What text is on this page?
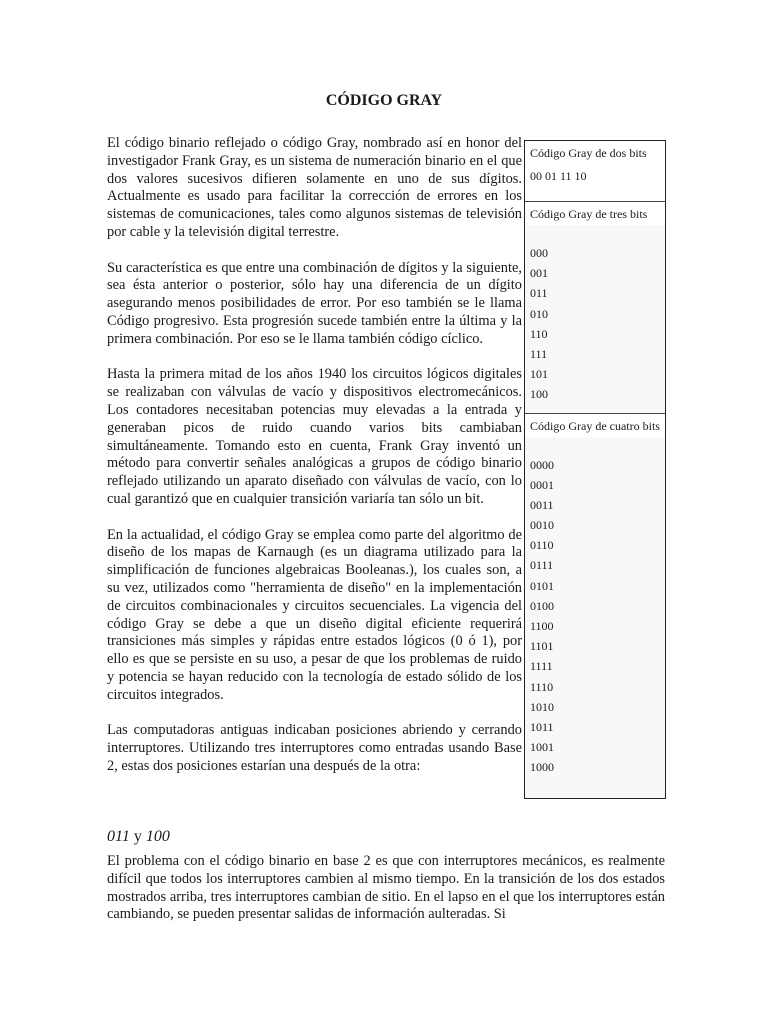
CÓDIGO GRAY

El código binario reflejado o código Gray, nombrado así en honor del investigador Frank Gray, es un sistema de numeración binario en el que dos valores sucesivos difieren solamente en uno de sus dígitos. Actualmente es usado para facilitar la corrección de errores en los sistemas de comunicaciones, tales como algunos sistemas de televisión por cable y la televisión digital terrestre.

Su característica es que entre una combinación de dígitos y la siguiente, sea ésta anterior o posterior, sólo hay una diferencia de un dígito asegurando menos posibilidades de error. Por eso también se le llama Código progresivo. Esta progresión sucede también entre la última y la primera combinación. Por eso se le llama también código cíclico.

Hasta la primera mitad de los años 1940 los circuitos lógicos digitales se realizaban con válvulas de vacío y dispositivos electromecánicos. Los contadores necesitaban potencias muy elevadas a la entrada y generaban picos de ruido cuando varios bits cambiaban simultáneamente. Tomando esto en cuenta, Frank Gray inventó un método para convertir señales analógicas a grupos de código binario reflejado utilizando un aparato diseñado con válvulas de vacío, con lo cual garantizó que en cualquier transición variaría tan sólo un bit.

En la actualidad, el código Gray se emplea como parte del algoritmo de diseño de los mapas de Karnaugh (es un diagrama utilizado para la simplificación de funciones algebraicas Booleanas.), los cuales son, a su vez, utilizados como "herramienta de diseño" en la implementación de circuitos combinacionales y circuitos secuenciales. La vigencia del código Gray se debe a que un diseño digital eficiente requerirá transiciones más simples y rápidas entre estados lógicos (0 ó 1), por ello es que se persiste en su uso, a pesar de que los problemas de ruido y potencia se hayan reducido con la tecnología de estado sólido de los circuitos integrados.

Las computadoras antiguas indicaban posiciones abriendo y cerrando interruptores. Utilizando tres interruptores como entradas usando Base 2, estas dos posiciones estarían una después de la otra:

Código Gray de dos bits
00 01 11 10
Código Gray de tres bits
000
001
011
010
110
111
101
100
Código Gray de cuatro bits
0000
0001
0011
0010
0110
0111
0101
0100
1100
1101
1111
1110
1010
1011
1001
1000
011 y 100
El problema con el código binario en base 2 es que con interruptores mecánicos, es realmente difícil que todos los interruptores cambien al mismo tiempo. En la transición de los dos estados mostrados arriba, tres interruptores cambian de sitio. En el lapso en el que los interruptores están cambiando, se pueden presentar salidas de información aulteradas. Si
